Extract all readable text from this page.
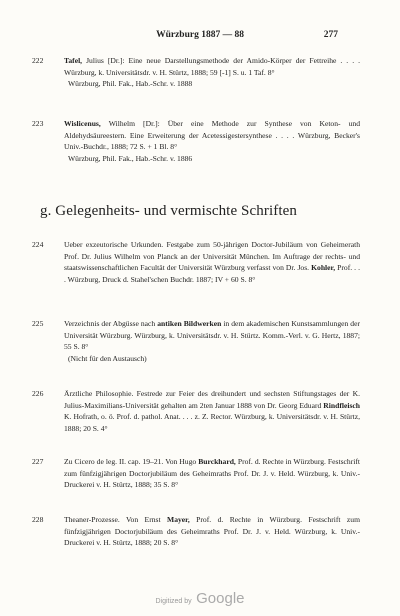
Würzburg 1887 — 88	277
222	Tafel, Julius [Dr.]: Eine neue Darstellungsmethode der Amido-Körper der Fettreihe . . . . Würzburg, k. Universitätsdr. v. H. Stürtz, 1888; 59 [-1] S. u. 1 Taf. 8°
Würzburg, Phil. Fak., Hab.-Schr. v. 1888
223	Wislicenus, Wilhelm [Dr.]: Über eine Methode zur Synthese von Keton- und Aldehydsäureestern. Eine Erweiterung der Acetessigestersynthese . . . . Würzburg, Becker's Univ.-Buchdr., 1888; 72 S. + 1 Bl. 8°
Würzburg, Phil. Fak., Hab.-Schr. v. 1886
g. Gelegenheits- und vermischte Schriften
224	Ueber exzeutorische Urkunden. Festgabe zum 50-jährigen Doctor-Jubiläum von Geheimerath Prof. Dr. Julius Wilhelm von Planck an der Universität München. Im Auftrage der rechts- und staatswissenschaftlichen Facultät der Universität Würzburg verfasst von Dr. Jos. Kohler, Prof. . . . Würzburg, Druck d. Stahel'schen Buchdr. 1887; IV + 60 S. 8°
225	Verzeichnis der Abgüsse nach antiken Bildwerken in dem akademischen Kunstsammlungen der Universität Würzburg. Würzburg, k. Universitätsdr. v. H. Stürtz. Komm.-Verl. v. G. Hertz, 1887; 55 S. 8°
(Nicht für den Austausch)
226	Ärztliche Philosophie. Festrede zur Feier des dreihundert und sechsten Stiftungstages der K. Julius-Maximilians-Universität gehalten am 2ten Januar 1888 von Dr. Georg Eduard Rindfleisch K. Hofrath, o. ö. Prof. d. pathol. Anat. . . . z. Z. Rector. Würzburg, k. Universitätsdr. v. H. Stürtz, 1888; 20 S. 4°
227	Zu Cicero de leg. II. cap. 19–21. Von Hugo Burckhard, Prof. d. Rechte in Würzburg. Festschrift zum fünfzigjährigen Doctorjubiläum des Geheimraths Prof. Dr. J. v. Held. Würzburg, k. Univ.-Druckerei v. H. Stürtz, 1888; 35 S. 8°
228	Theaner-Prozesse. Von Ernst Mayer, Prof. d. Rechte in Würzburg. Festschrift zum fünfzigjährigen Doctorjubiläum des Geheimraths Prof. Dr. J. v. Held. Würzburg, k. Univ.-Druckerei v. H. Stürtz, 1888; 20 S. 8°
Digitized by Google
